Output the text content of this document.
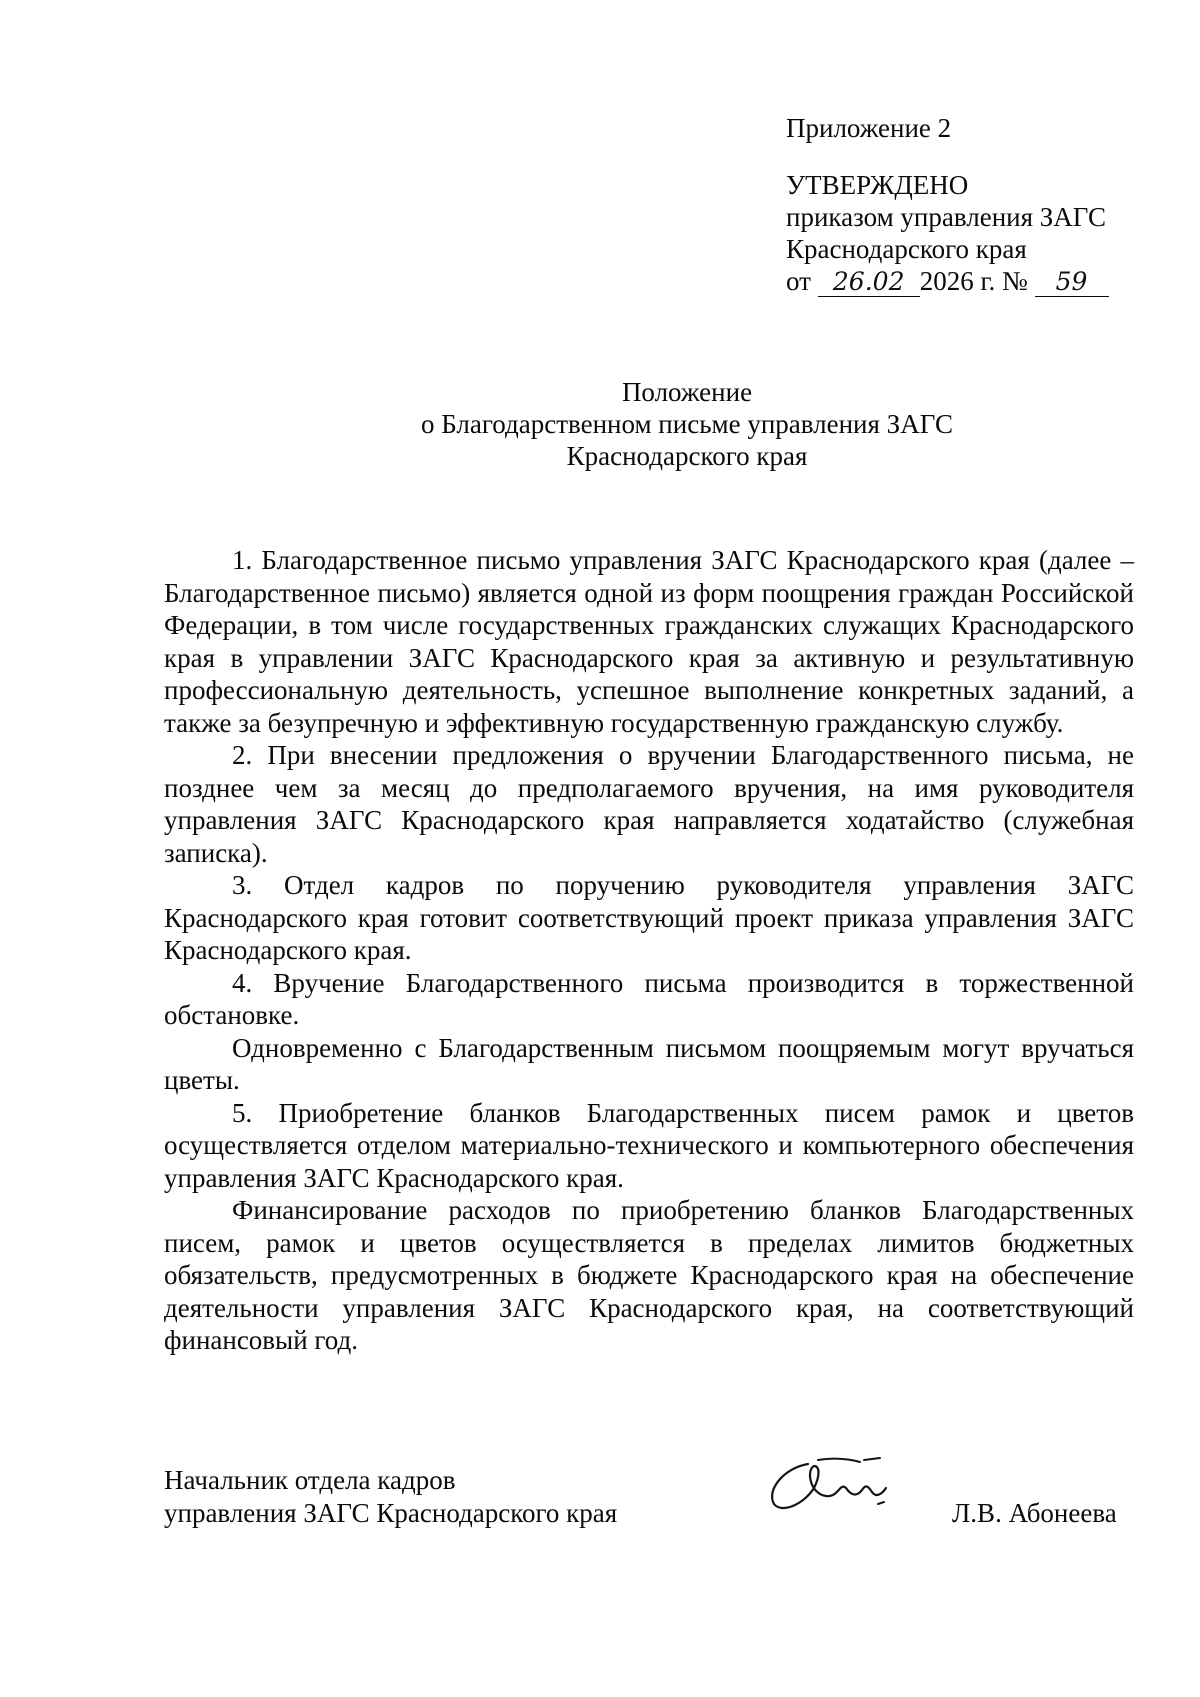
Приложение 2
УТВЕРЖДЕНО
приказом управления ЗАГС
Краснодарского края
от 26.02 2026 г. № 59
Положение
о Благодарственном письме управления ЗАГС
Краснодарского края

1. Благодарственное письмо управления ЗАГС Краснодарского края (далее – Благодарственное письмо) является одной из форм поощрения граждан Российской Федерации, в том числе государственных гражданских служащих Краснодарского края в управлении ЗАГС Краснодарского края за активную и результативную профессиональную деятельность, успешное выполнение конкретных заданий, а также за безупречную и эффективную государственную гражданскую службу.

2. При внесении предложения о вручении Благодарственного письма, не позднее чем за месяц до предполагаемого вручения, на имя руководителя управления ЗАГС Краснодарского края направляется ходатайство (служебная записка).

3. Отдел кадров по поручению руководителя управления ЗАГС Краснодарского края готовит соответствующий проект приказа управления ЗАГС Краснодарского края.

4. Вручение Благодарственного письма производится в торжественной обстановке.

Одновременно с Благодарственным письмом поощряемым могут вручаться цветы.

5. Приобретение бланков Благодарственных писем рамок и цветов осуществляется отделом материально-технического и компьютерного обеспечения управления ЗАГС Краснодарского края.

Финансирование расходов по приобретению бланков Благодарственных писем, рамок и цветов осуществляется в пределах лимитов бюджетных обязательств, предусмотренных в бюджете Краснодарского края на обеспечение деятельности управления ЗАГС Краснодарского края, на соответствующий финансовый год.

Начальник отдела кадров
управления ЗАГС Краснодарского края	Л.В. Абонеева
